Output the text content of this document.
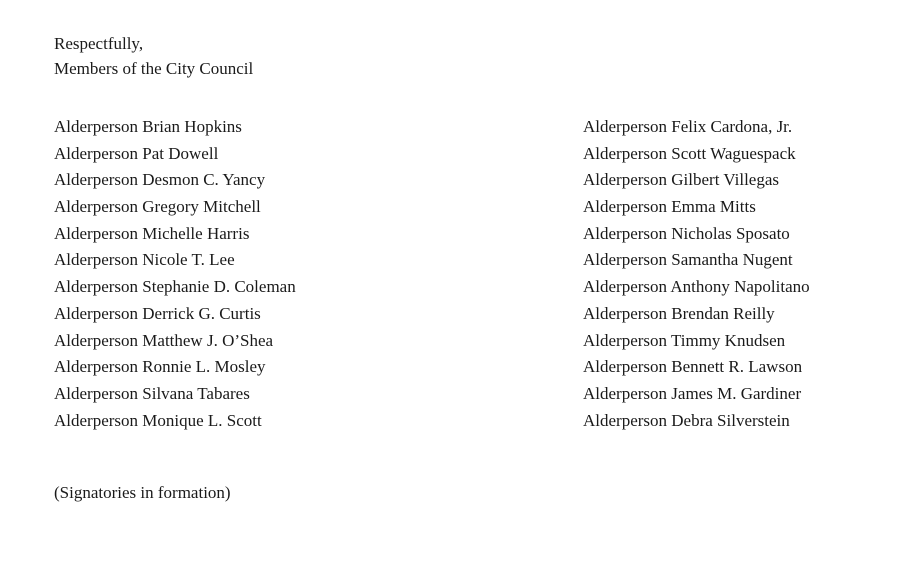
Respectfully,
Members of the City Council
Alderperson Brian Hopkins
Alderperson Pat Dowell
Alderperson Desmon C. Yancy
Alderperson Gregory Mitchell
Alderperson Michelle Harris
Alderperson Nicole T. Lee
Alderperson Stephanie D. Coleman
Alderperson Derrick G. Curtis
Alderperson Matthew J. O’Shea
Alderperson Ronnie L. Mosley
Alderperson Silvana Tabares
Alderperson Monique L. Scott
Alderperson Felix Cardona, Jr.
Alderperson Scott Waguespack
Alderperson Gilbert Villegas
Alderperson Emma Mitts
Alderperson Nicholas Sposato
Alderperson Samantha Nugent
Alderperson Anthony Napolitano
Alderperson Brendan Reilly
Alderperson Timmy Knudsen
Alderperson Bennett R. Lawson
Alderperson James M. Gardiner
Alderperson Debra Silverstein
(Signatories in formation)
